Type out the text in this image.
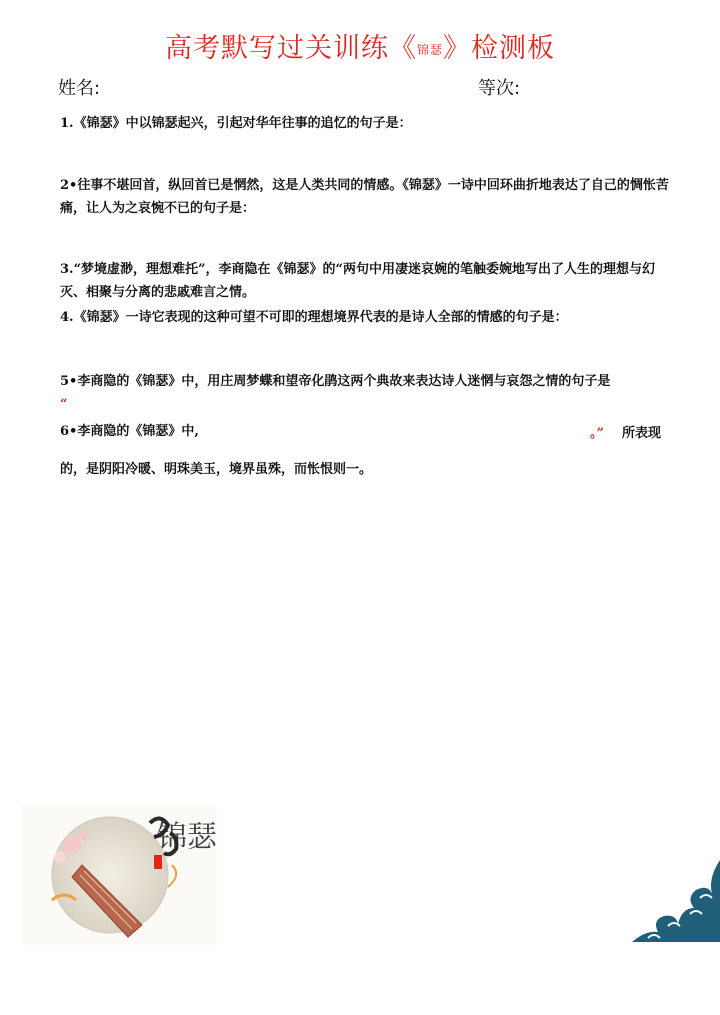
高考默写过关训练《锦瑟》检测板
姓名:	等次:
1.《锦瑟》中以锦瑟起兴，引起对华年往事的追忆的句子是：
2•往事不堪回首，纵回首已是惘然，这是人类共同的情感。《锦瑟》一诗中回环曲折地表达了自己的惆怅苦痛，让人为之哀惋不已的句子是：
3.“梦境虚渺，理想难托”，李商隐在《锦瑟》的“两句中用凄迷哀婉的笔触委婉地写出了人生的理想与幻灭、相聚与分离的悲戚难言之情。
4.《锦瑟》一诗它表现的这种可望不可即的理想境界代表的是诗人全部的情感的句子是：
5•李商隐的《锦瑟》中，用庄周梦蝶和望帝化鹃这两个典故来表达诗人迷惘与哀怨之情的句子是
“
6•李商隐的《锦瑟》中,	。” 所表现
的，是阴阳冷暖、明珠美玉，境界虽殊，而怅恨则一。
锦瑟
